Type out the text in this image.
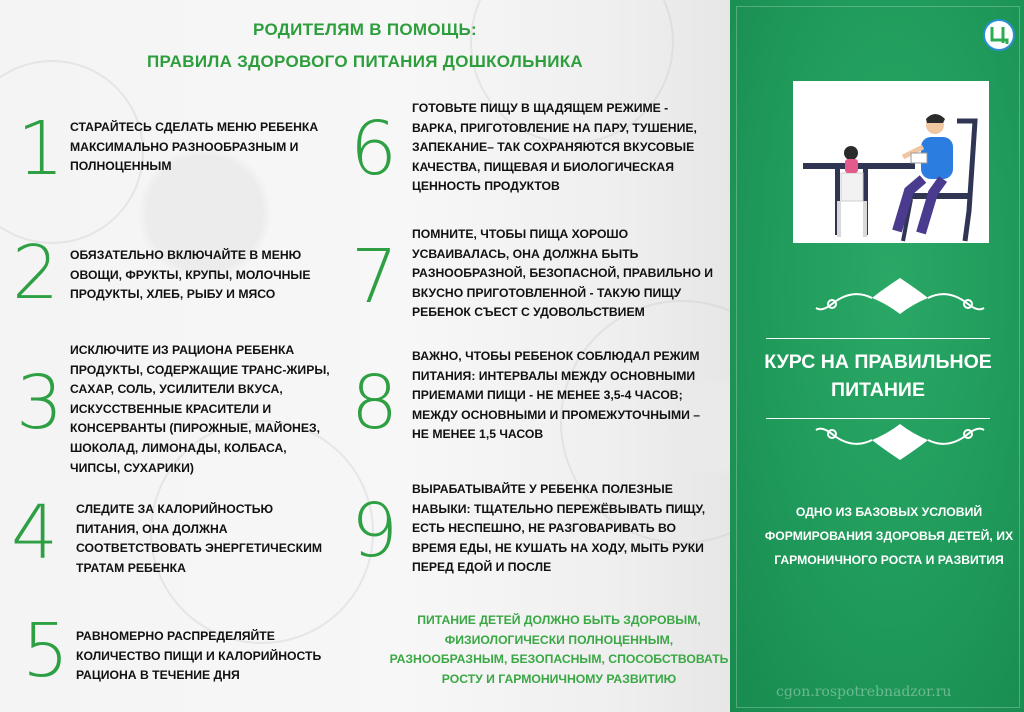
РОДИТЕЛЯМ В ПОМОЩЬ:
ПРАВИЛА ЗДОРОВОГО ПИТАНИЯ ДОШКОЛЬНИКА
1 СТАРАЙТЕСЬ СДЕЛАТЬ МЕНЮ РЕБЕНКА МАКСИМАЛЬНО РАЗНООБРАЗНЫМ И ПОЛНОЦЕННЫМ
2 ОБЯЗАТЕЛЬНО ВКЛЮЧАЙТЕ В МЕНЮ ОВОЩИ, ФРУКТЫ, КРУПЫ, МОЛОЧНЫЕ ПРОДУКТЫ, ХЛЕБ, РЫБУ И МЯСО
3
ИСКЛЮЧИТЕ ИЗ РАЦИОНА РЕБЕНКА ПРОДУКТЫ, СОДЕРЖАЩИЕ ТРАНС-ЖИРЫ, САХАР, СОЛЬ, УСИЛИТЕЛИ ВКУСА, ИСКУССТВЕННЫЕ КРАСИТЕЛИ И КОНСЕРВАНТЫ (ПИРОЖНЫЕ, МАЙОНЕЗ, ШОКОЛАД, ЛИМОНАДЫ, КОЛБАСА, ЧИПСЫ, СУХАРИКИ)
4 СЛЕДИТЕ ЗА КАЛОРИЙНОСТЬЮ ПИТАНИЯ, ОНА ДОЛЖНА СООТВЕТСТВОВАТЬ ЭНЕРГЕТИЧЕСКИМ ТРАТАМ РЕБЕНКА
5 РАВНОМЕРНО РАСПРЕДЕЛЯЙТЕ КОЛИЧЕСТВО ПИЩИ И КАЛОРИЙНОСТЬ РАЦИОНА В ТЕЧЕНИЕ ДНЯ
6 ГОТОВЬТЕ ПИЩУ В ЩАДЯЩЕМ РЕЖИМЕ - ВАРКА, ПРИГОТОВЛЕНИЕ НА ПАРУ, ТУШЕНИЕ, ЗАПЕКАНИЕ– ТАК СОХРАНЯЮТСЯ ВКУСОВЫЕ КАЧЕСТВА, ПИЩЕВАЯ И БИОЛОГИЧЕСКАЯ ЦЕННОСТЬ ПРОДУКТОВ
7 ПОМНИТЕ, ЧТОБЫ ПИЩА ХОРОШО УСВАИВАЛАСЬ, ОНА ДОЛЖНА БЫТЬ РАЗНООБРАЗНОЙ, БЕЗОПАСНОЙ, ПРАВИЛЬНО И ВКУСНО ПРИГОТОВЛЕННОЙ - ТАКУЮ ПИЩУ РЕБЕНОК СЪЕСТ С УДОВОЛЬСТВИЕМ
8
ВАЖНО, ЧТОБЫ РЕБЕНОК СОБЛЮДАЛ РЕЖИМ ПИТАНИЯ: ИНТЕРВАЛЫ МЕЖДУ ОСНОВНЫМИ ПРИЕМАМИ ПИЩИ - НЕ МЕНЕЕ 3,5-4 ЧАСОВ; МЕЖДУ ОСНОВНЫМИ И ПРОМЕЖУТОЧНЫМИ – НЕ МЕНЕЕ 1,5 ЧАСОВ
9 ВЫРАБАТЫВАЙТЕ У РЕБЕНКА ПОЛЕЗНЫЕ НАВЫКИ: ТЩАТЕЛЬНО ПЕРЕЖЁВЫВАТЬ ПИЩУ, ЕСТЬ НЕСПЕШНО, НЕ РАЗГОВАРИВАТЬ ВО ВРЕМЯ ЕДЫ, НЕ КУШАТЬ НА ХОДУ, МЫТЬ РУКИ ПЕРЕД ЕДОЙ И ПОСЛЕ
ПИТАНИЕ ДЕТЕЙ ДОЛЖНО БЫТЬ ЗДОРОВЫМ, ФИЗИОЛОГИЧЕСКИ ПОЛНОЦЕННЫМ, РАЗНООБРАЗНЫМ, БЕЗОПАСНЫМ, СПОСОБСТВОВАТЬ РОСТУ И ГАРМОНИЧНОМУ РАЗВИТИЮ
КУРС НА ПРАВИЛЬНОЕ ПИТАНИЕ
ОДНО ИЗ БАЗОВЫХ УСЛОВИЙ ФОРМИРОВАНИЯ ЗДОРОВЬЯ ДЕТЕЙ, ИХ ГАРМОНИЧНОГО РОСТА И РАЗВИТИЯ
cgon.rospotrebnadzor.ru
